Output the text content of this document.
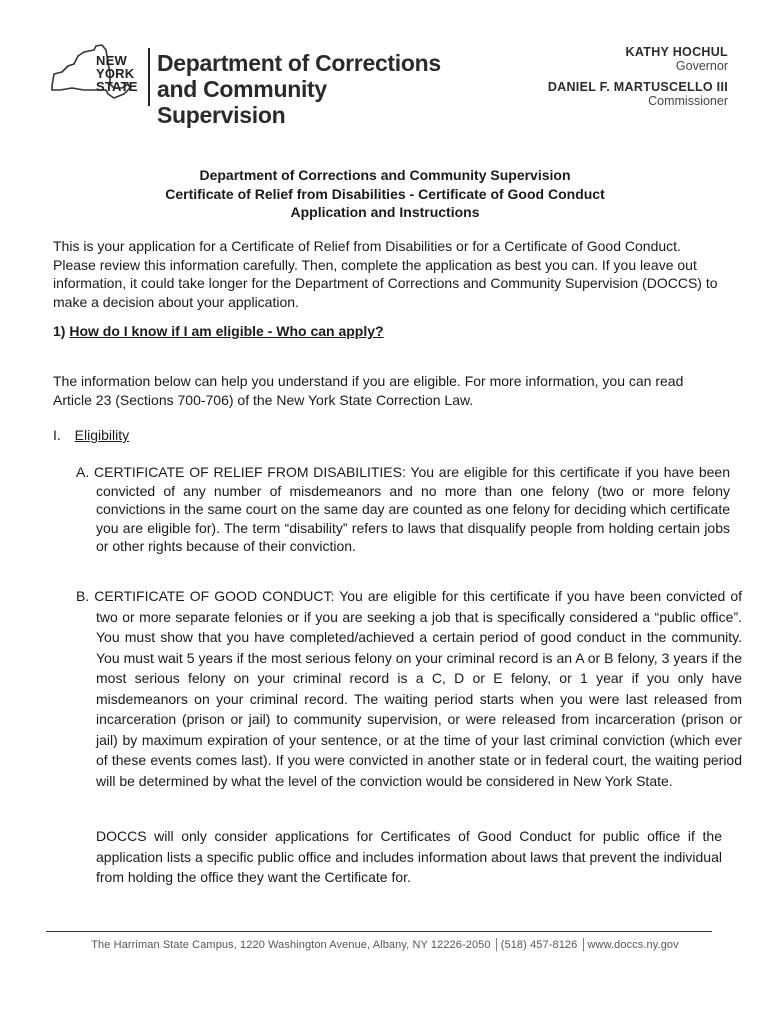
NEW
YORK
STATE
Department of Corrections
and Community Supervision
KATHY HOCHUL
Governor
DANIEL F. MARTUSCELLO III
Commissioner
Department of Corrections and Community Supervision
Certificate of Relief from Disabilities - Certificate of Good Conduct
Application and Instructions
This is your application for a Certificate of Relief from Disabilities or for a Certificate of Good Conduct. Please review this information carefully. Then, complete the application as best you can. If you leave out information, it could take longer for the Department of Corrections and Community Supervision (DOCCS) to make a decision about your application.
1) How do I know if I am eligible - Who can apply?
The information below can help you understand if you are eligible. For more information, you can read Article 23 (Sections 700-706) of the New York State Correction Law.
I. Eligibility
A. CERTIFICATE OF RELIEF FROM DISABILITIES: You are eligible for this certificate if you have been convicted of any number of misdemeanors and no more than one felony (two or more felony convictions in the same court on the same day are counted as one felony for deciding which certificate you are eligible for). The term “disability” refers to laws that disqualify people from holding certain jobs or other rights because of their conviction.
B. CERTIFICATE OF GOOD CONDUCT: You are eligible for this certificate if you have been convicted of two or more separate felonies or if you are seeking a job that is specifically considered a “public office”. You must show that you have completed/achieved a certain period of good conduct in the community. You must wait 5 years if the most serious felony on your criminal record is an A or B felony, 3 years if the most serious felony on your criminal record is a C, D or E felony, or 1 year if you only have misdemeanors on your criminal record. The waiting period starts when you were last released from incarceration (prison or jail) to community supervision, or were released from incarceration (prison or jail) by maximum expiration of your sentence, or at the time of your last criminal conviction (which ever of these events comes last). If you were convicted in another state or in federal court, the waiting period will be determined by what the level of the conviction would be considered in New York State.
DOCCS will only consider applications for Certificates of Good Conduct for public office if the application lists a specific public office and includes information about laws that prevent the individual from holding the office they want the Certificate for.
The Harriman State Campus, 1220 Washington Avenue, Albany, NY 12226-2050 │(518) 457-8126 │www.doccs.ny.gov
